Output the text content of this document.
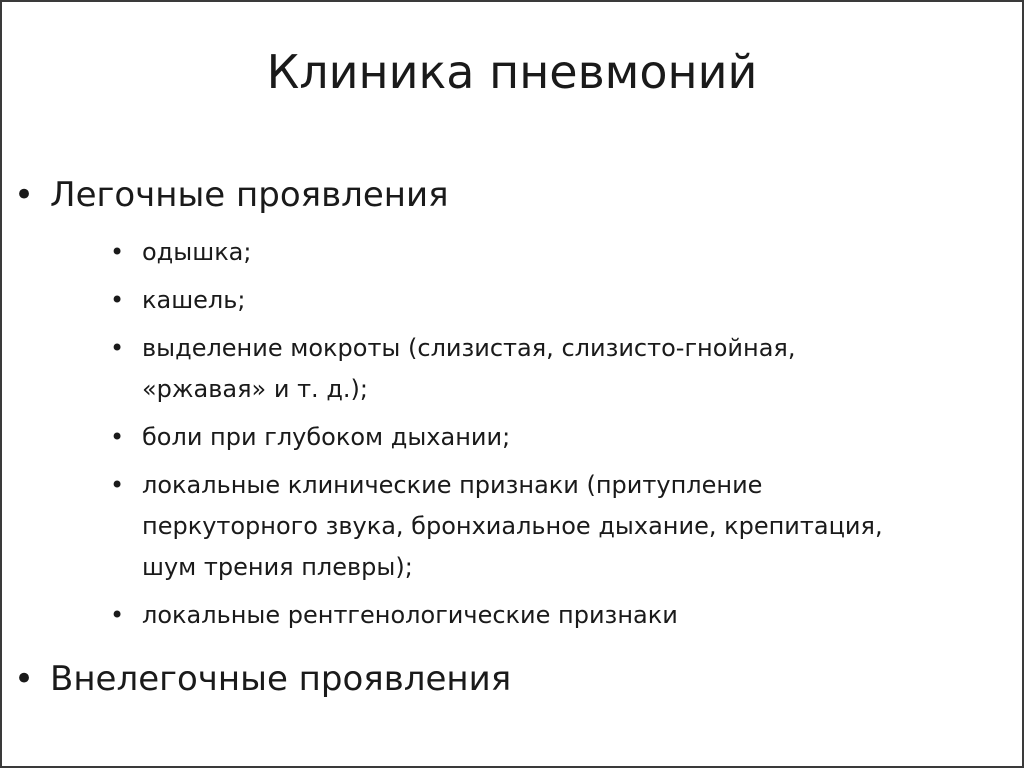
Клиника пневмоний
• Легочные проявления
• одышка;
• кашель;
• выделение мокроты (слизистая, слизисто-гнойная,
«ржавая» и т. д.);
• боли при глубоком дыхании;
• локальные клинические признаки (притупление
перкуторного звука, бронхиальное дыхание, крепитация,
шум трения плевры);
• локальные рентгенологические признаки
• Внелегочные проявления
